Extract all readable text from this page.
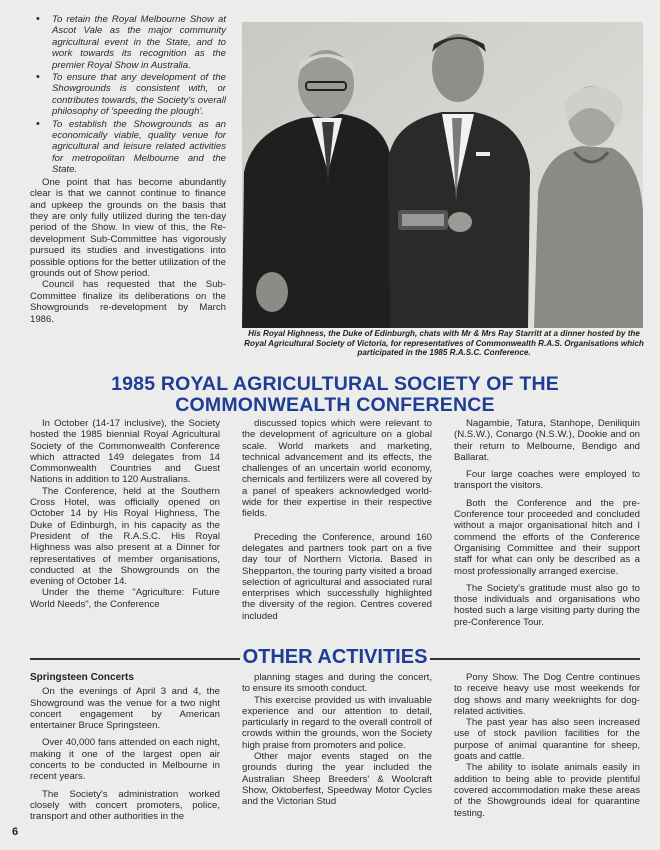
• To retain the Royal Melbourne Show at Ascot Vale as the major community agricultural event in the State, and to work towards its recognition as the premier Royal Show in Australia.
• To ensure that any development of the Showgrounds is consistent with, or contributes towards, the Society's overall philosophy of 'speeding the plough'.
• To establish the Showgrounds as an economically viable, quality venue for agricultural and leisure related activities for metropolitan Melbourne and the State.

One point that has become abundantly clear is that we cannot continue to finance and upkeep the grounds on the basis that they are only fully utilized during the ten-day period of the Show. In view of this, the Re-development Sub-Committee has vigorously pursued its studies and investigations into possible options for the better utilization of the grounds out of Show period.

Council has requested that the Sub-Committee finalize its deliberations on the Showgrounds re-development by March 1986.

His Royal Highness, the Duke of Edinburgh, chats with Mr & Mrs Ray Starritt at a dinner hosted by the Royal Agricultural Society of Victoria, for representatives of Commonwealth R.A.S. Organisations which participated in the 1985 R.A.S.C. Conference.
1985 ROYAL AGRICULTURAL SOCIETY OF THE COMMONWEALTH CONFERENCE

In October (14-17 inclusive), the Society hosted the 1985 biennial Royal Agricultural Society of the Commonwealth Conference which attracted 149 delegates from 14 Commonwealth Countries and Guest Nations in addition to 120 Australians.

The Conference, held at the Southern Cross Hotel, was officially opened on October 14 by His Royal Highness, The Duke of Edinburgh, in his capacity as the President of the R.A.S.C. His Royal Highness was also present at a Dinner for representatives of member organisations, conducted at the Showgrounds on the evening of October 14.

Under the theme "Agriculture: Future World Needs", the Conference

discussed topics which were relevant to the development of agriculture on a global scale. World markets and marketing, technical advancement and its effects, the challenges of an uncertain world economy, chemicals and fertilizers were all covered by a panel of speakers acknowledged world-wide for their expertise in their respective fields.

Preceding the Conference, around 160 delegates and partners took part on a five day tour of Northern Victoria. Based in Shepparton, the touring party visited a broad selection of agricultural and associated rural enterprises which successfully highlighted the diversity of the region. Centres covered included

Nagambie, Tatura, Stanhope, Deniliquin (N.S.W.), Conargo (N.S.W.), Dookie and on their return to Melbourne, Bendigo and Ballarat.

Four large coaches were employed to transport the visitors.

Both the Conference and the pre-Conference tour proceeded and concluded without a major organisational hitch and I commend the efforts of the Conference Organising Committee and their support staff for what can only be described as a most professionally arranged exercise.

The Society's gratitude must also go to those individuals and organisations who hosted such a large visiting party during the pre-Conference Tour.

OTHER ACTIVITIES
Springsteen Concerts

On the evenings of April 3 and 4, the Showground was the venue for a two night concert engagement by American entertainer Bruce Springsteen.

Over 40,000 fans attended on each night, making it one of the largest open air concerts to be conducted in Melbourne in recent years.

The Society's administration worked closely with concert promoters, police, transport and other authorities in the

planning stages and during the concert, to ensure its smooth conduct.

This exercise provided us with invaluable experience and our attention to detail, particularly in regard to the overall controll of crowds within the grounds, won the Society high praise from promoters and police.

Other major events staged on the grounds during the year included the Australian Sheep Breeders' & Woolcraft Show, Oktoberfest, Speedway Motor Cycles and the Victorian Stud

Pony Show. The Dog Centre continues to receive heavy use most weekends for dog shows and many weeknights for dog-related activities.

The past year has also seen increased use of stock pavilion facilities for the purpose of animal quarantine for sheep, goats and cattle.

The ability to isolate animals easily in addition to being able to provide plentiful covered accommodation make these areas of the Showgrounds ideal for quarantine testing.

6
